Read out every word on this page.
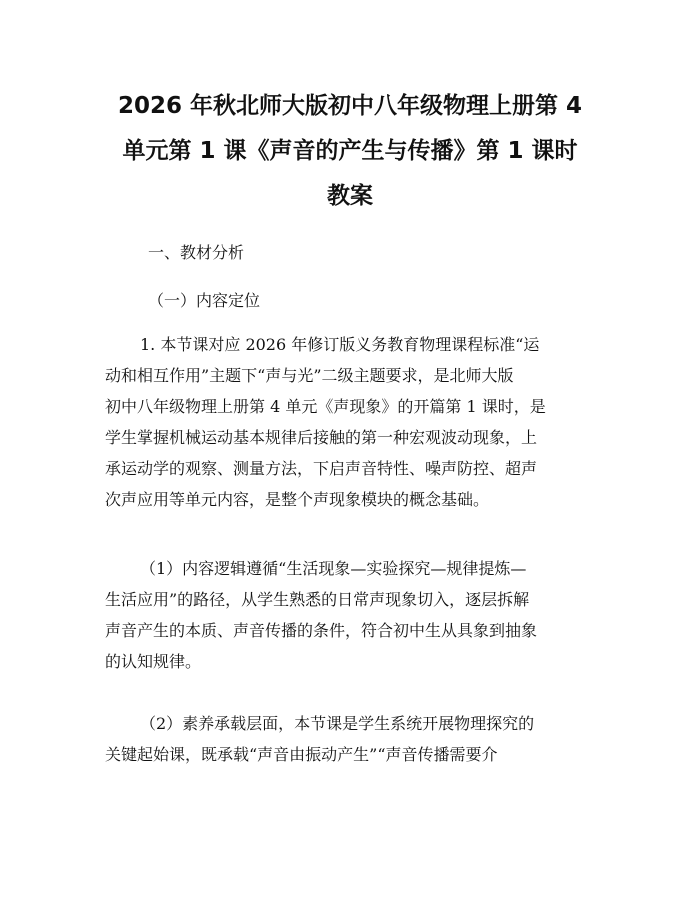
2026 年秋北师大版初中八年级物理上册第 4
单元第 1 课《声音的产生与传播》第 1 课时
教案

一、教材分析

（一）内容定位

1. 本节课对应 2026 年修订版义务教育物理课程标准“运
动和相互作用”主题下“声与光”二级主题要求，是北师大版
初中八年级物理上册第 4 单元《声现象》的开篇第 1 课时，是
学生掌握机械运动基本规律后接触的第一种宏观波动现象，上
承运动学的观察、测量方法，下启声音特性、噪声防控、超声
次声应用等单元内容，是整个声现象模块的概念基础。
（1）内容逻辑遵循“生活现象—实验探究—规律提炼—
生活应用”的路径，从学生熟悉的日常声现象切入，逐层拆解
声音产生的本质、声音传播的条件，符合初中生从具象到抽象
的认知规律。
（2）素养承载层面，本节课是学生系统开展物理探究的
关键起始课，既承载“声音由振动产生”“声音传播需要介
